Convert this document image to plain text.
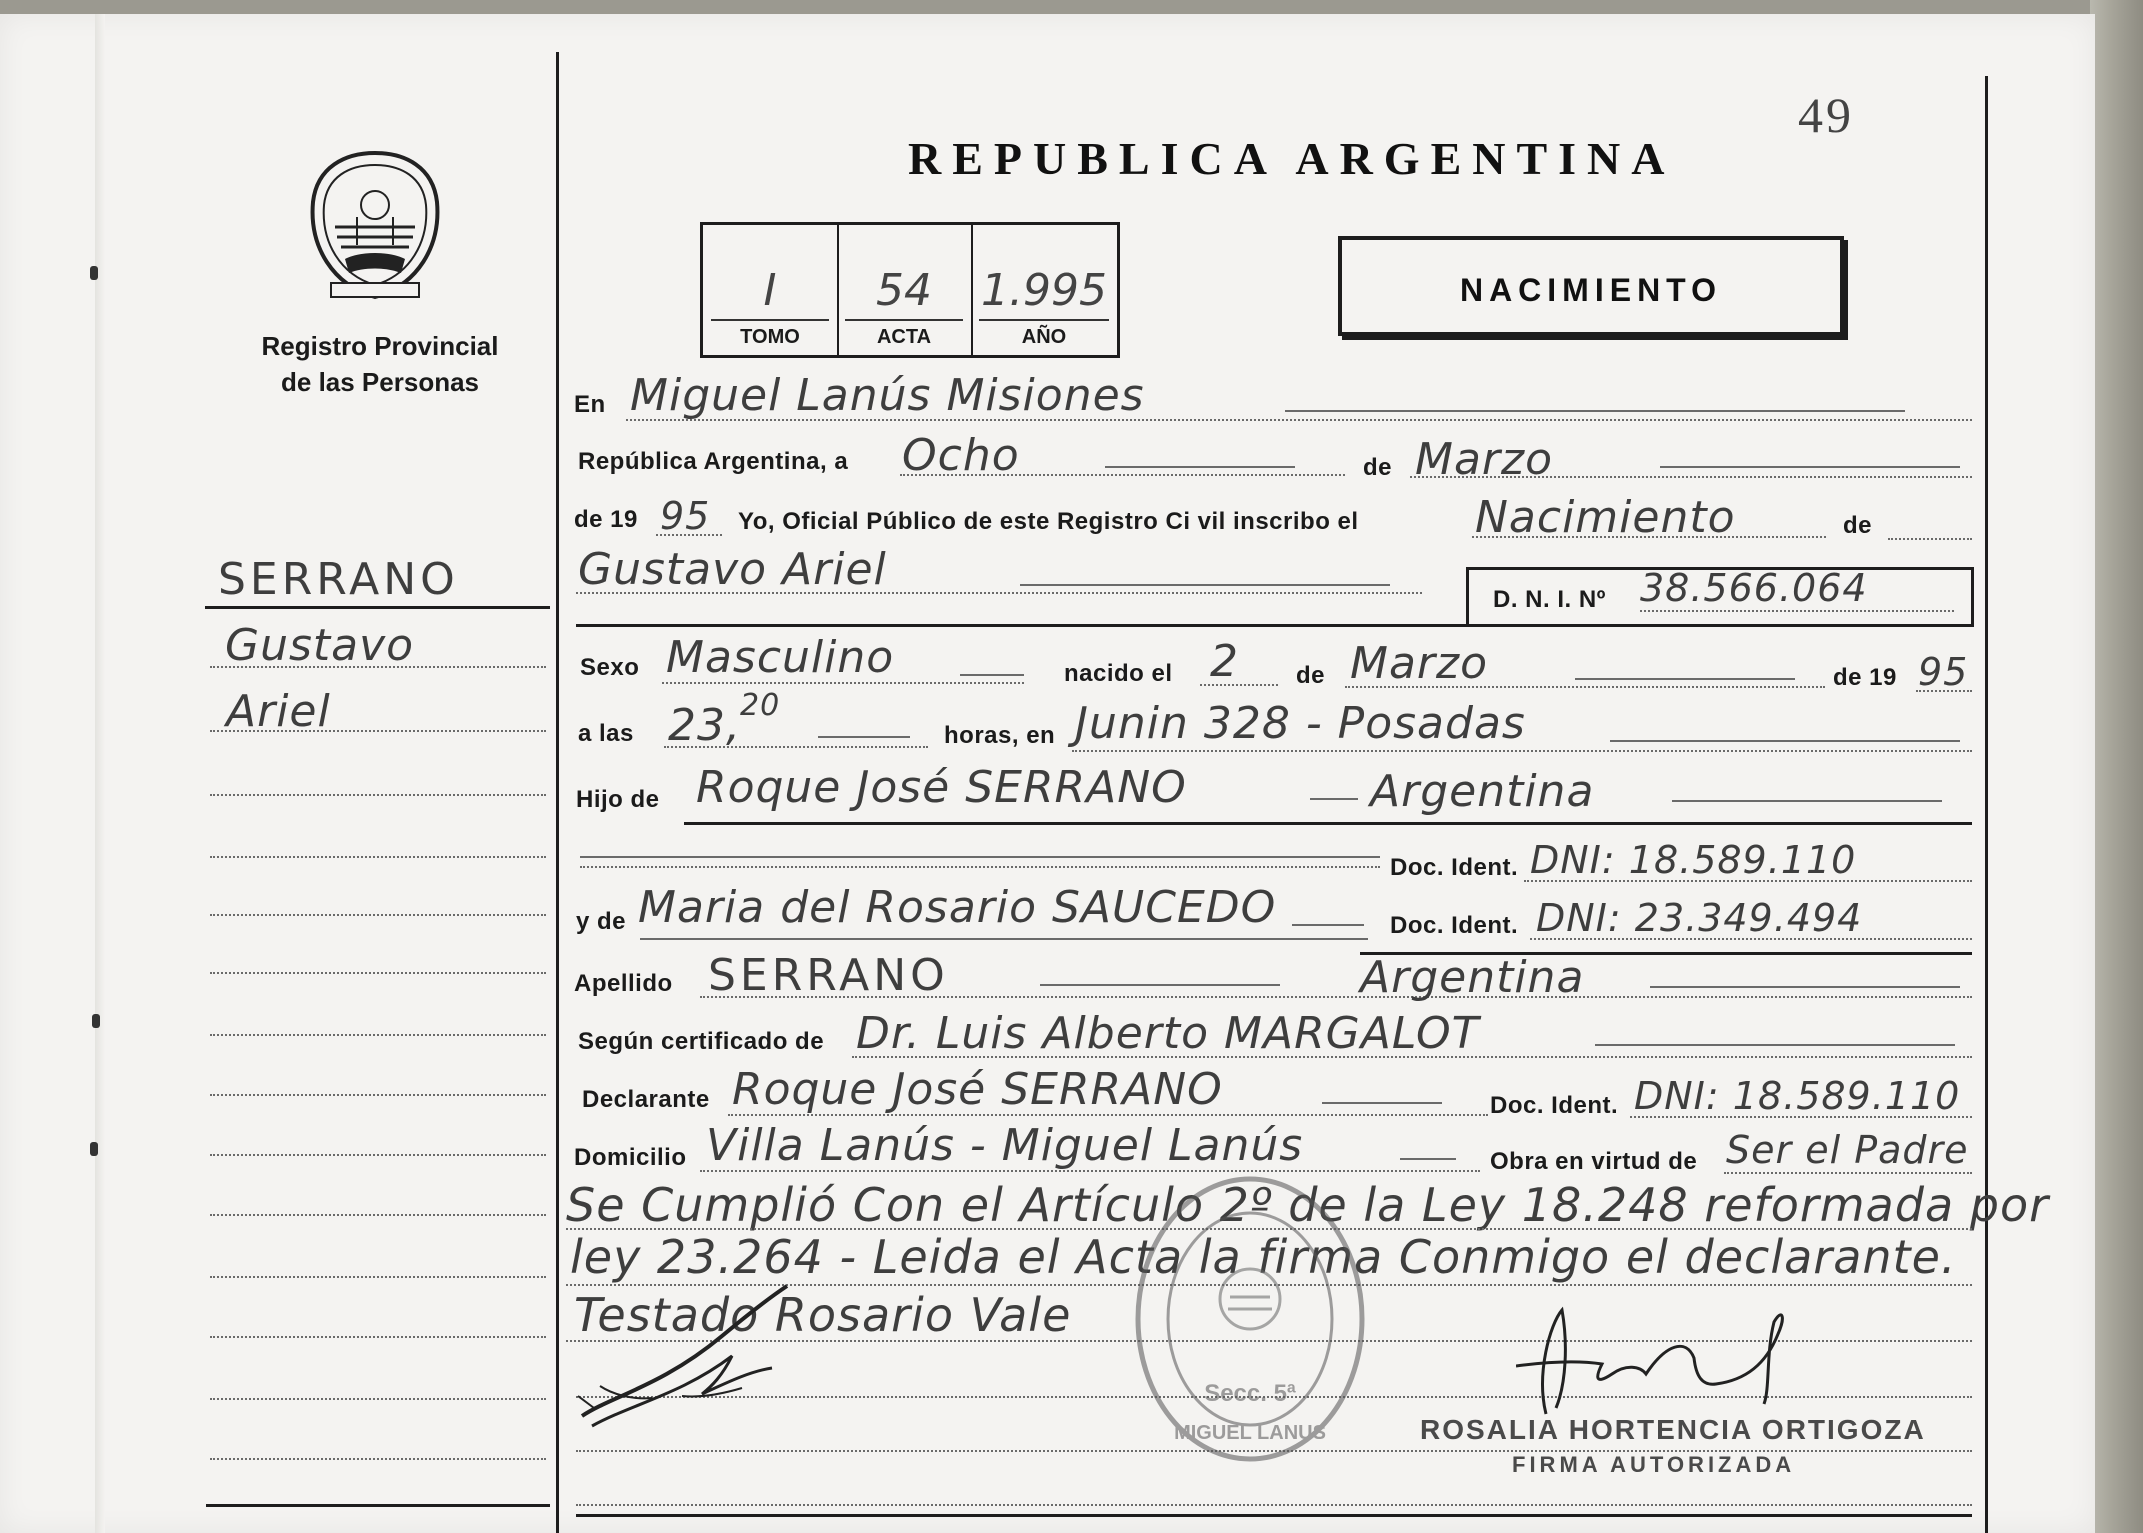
Registro Provincial
de las Personas
REPUBLICA ARGENTINA
49
I
TOMO
54
ACTA
1.995
AÑO
NACIMIENTO
SERRANO
Gustavo
Ariel
En Miguel Lanús Misiones
República Argentina, a Ocho	de Marzo
de 19 95 Yo, Oficial Público de este Registro Ci vil inscribo el	Nacimiento	de
Gustavo Ariel
D. N. I. Nº 38.566.064
Sexo Masculino	nacido el 2 de Marzo	de 19 95
a las 23, 20
horas, en Junin 328 - Posadas
Hijo de Roque José SERRANO	Argentina
Doc. Ident. DNI: 18.589.110
y de Maria del Rosario SAUCEDO	Doc. Ident. DNI: 23.349.494
Apellido SERRANO	Argentina
Según certificado de Dr. Luis Alberto MARGALOT
Declarante Roque José SERRANO	Doc. Ident. DNI: 18.589.110
Domicilio Villa Lanús - Miguel Lanús	Obra en virtud de Ser el Padre
Se Cumplió Con el Artículo 2º de la Ley 18.248 reformada por
ley 23.264 - Leida el Acta la firma Conmigo el declarante.
Testado Rosario Vale
Secc. 5ª
MIGUEL LANUS	ROSALIA HORTENCIA ORTIGOZA
FIRMA AUTORIZADA
